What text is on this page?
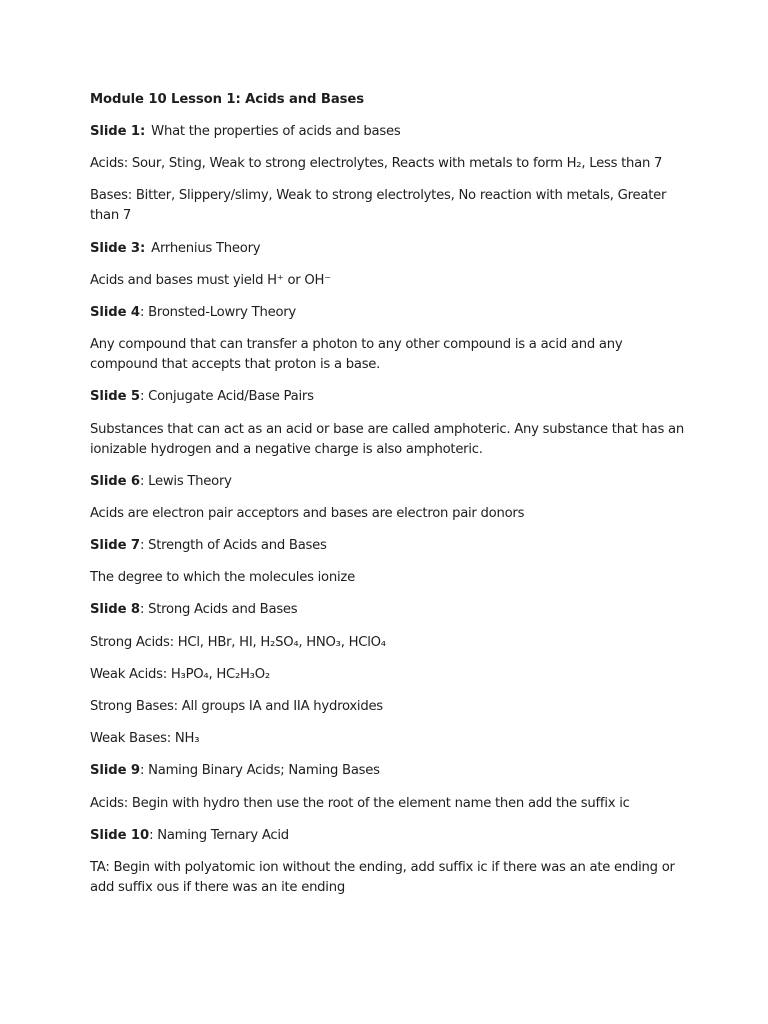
Module 10 Lesson 1: Acids and Bases

Slide 1: What the properties of acids and bases

Acids: Sour, Sting, Weak to strong electrolytes, Reacts with metals to form H₂, Less than 7

Bases: Bitter, Slippery/slimy, Weak to strong electrolytes, No reaction with metals, Greater than 7

Slide 3: Arrhenius Theory

Acids and bases must yield H⁺ or OH⁻

Slide 4: Bronsted-Lowry Theory

Any compound that can transfer a photon to any other compound is a acid and any compound that accepts that proton is a base.

Slide 5: Conjugate Acid/Base Pairs

Substances that can act as an acid or base are called amphoteric. Any substance that has an ionizable hydrogen and a negative charge is also amphoteric.

Slide 6: Lewis Theory

Acids are electron pair acceptors and bases are electron pair donors

Slide 7: Strength of Acids and Bases

The degree to which the molecules ionize

Slide 8: Strong Acids and Bases

Strong Acids: HCl, HBr, HI, H₂SO₄, HNO₃, HClO₄

Weak Acids: H₃PO₄, HC₂H₃O₂

Strong Bases: All groups IA and IIA hydroxides

Weak Bases: NH₃

Slide 9: Naming Binary Acids; Naming Bases

Acids: Begin with hydro then use the root of the element name then add the suffix ic

Slide 10: Naming Ternary Acid

TA: Begin with polyatomic ion without the ending, add suffix ic if there was an ate ending or add suffix ous if there was an ite ending
